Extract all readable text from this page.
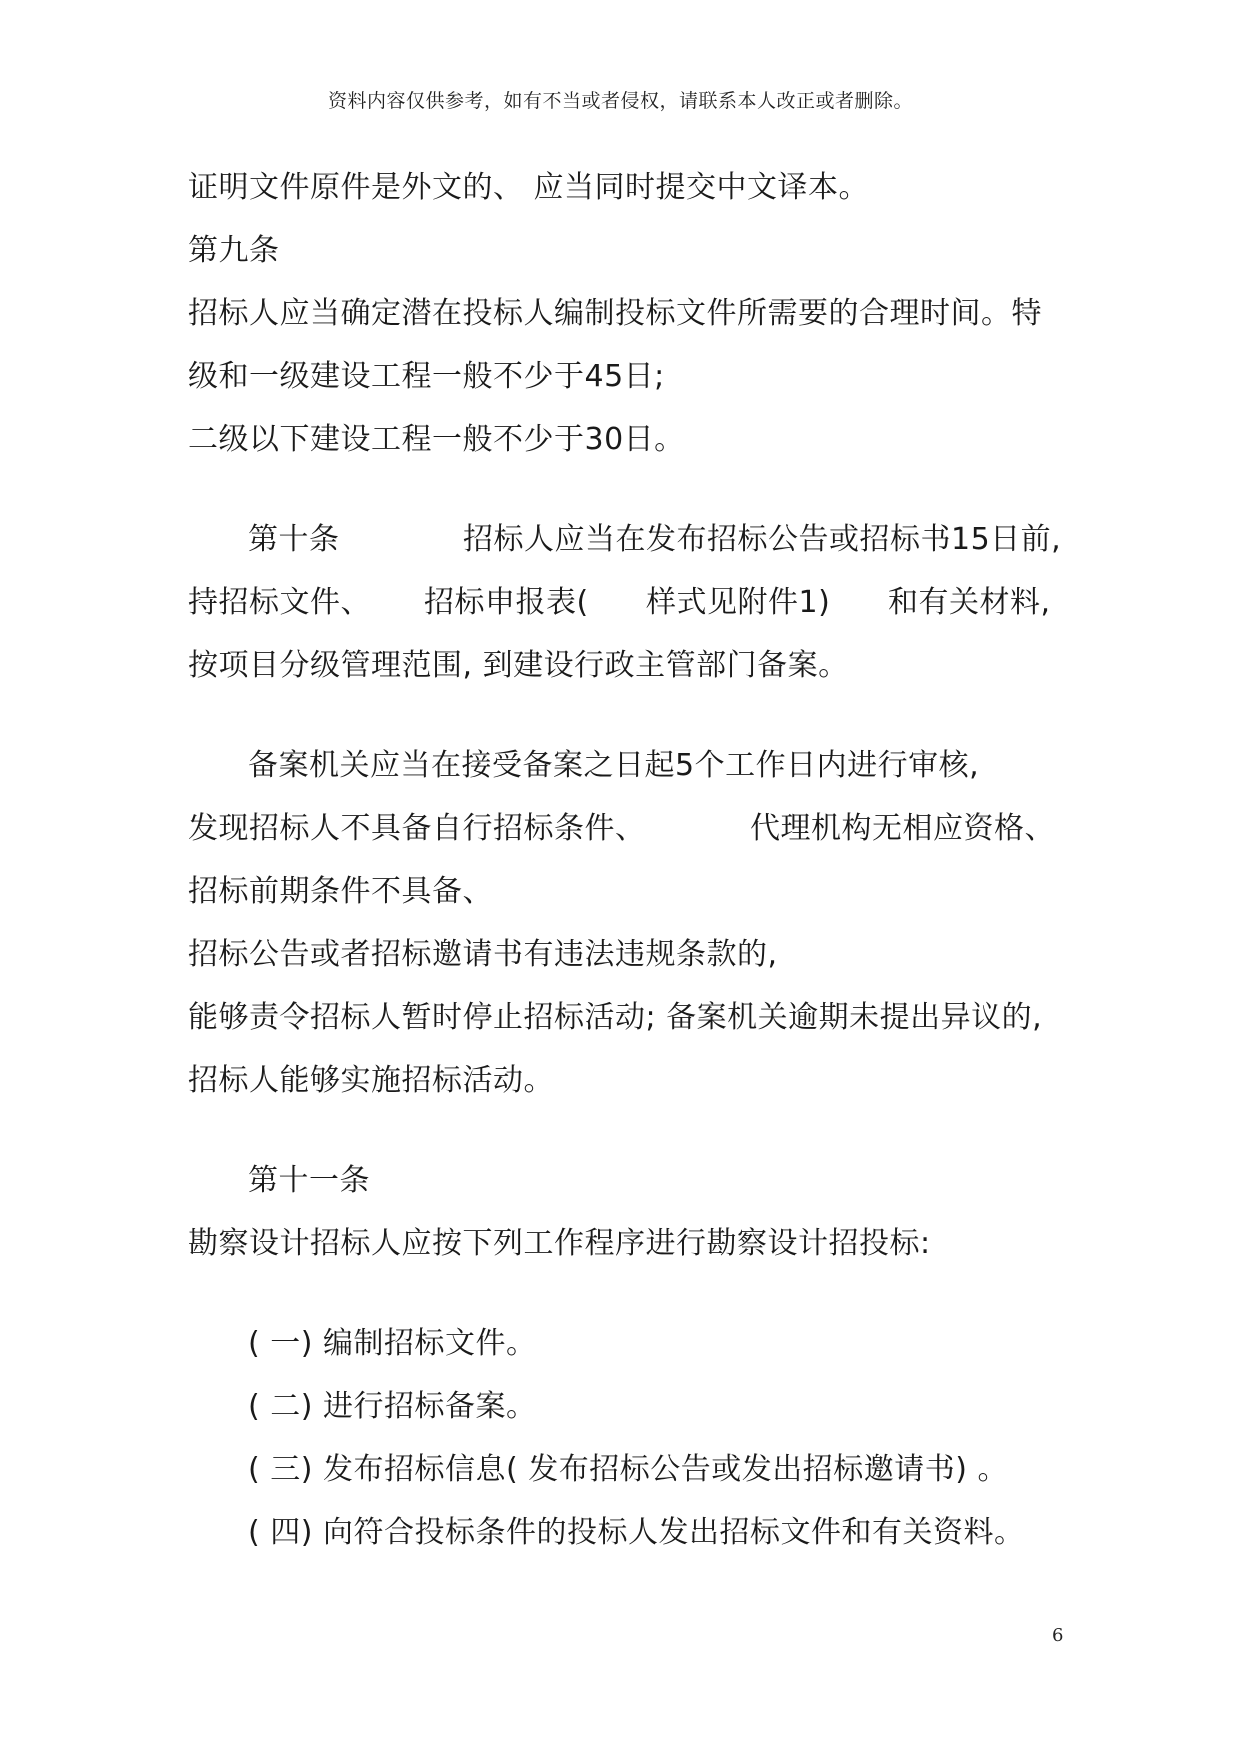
资料内容仅供参考，如有不当或者侵权，请联系本人改正或者删除。
证明文件原件是外文的、 应当同时提交中文译本。
第九条
招标人应当确定潜在投标人编制投标文件所需要的合理时间。特
级和一级建设工程一般不少于45日;
二级以下建设工程一般不少于30日。
第十条	招标人应当在发布招标公告或招标书15日前,
持招标文件、 招标申报表( 样式见附件1) 和有关材料,
按项目分级管理范围, 到建设行政主管部门备案。
备案机关应当在接受备案之日起5个工作日内进行审核,
发现招标人不具备自行招标条件、	代理机构无相应资格、
招标前期条件不具备、
招标公告或者招标邀请书有违法违规条款的,
能够责令招标人暂时停止招标活动; 备案机关逾期未提出异议的,
招标人能够实施招标活动。
第十一条
勘察设计招标人应按下列工作程序进行勘察设计招投标:
( 一) 编制招标文件。
( 二) 进行招标备案。
( 三) 发布招标信息( 发布招标公告或发出招标邀请书) 。
( 四) 向符合投标条件的投标人发出招标文件和有关资料。
6
